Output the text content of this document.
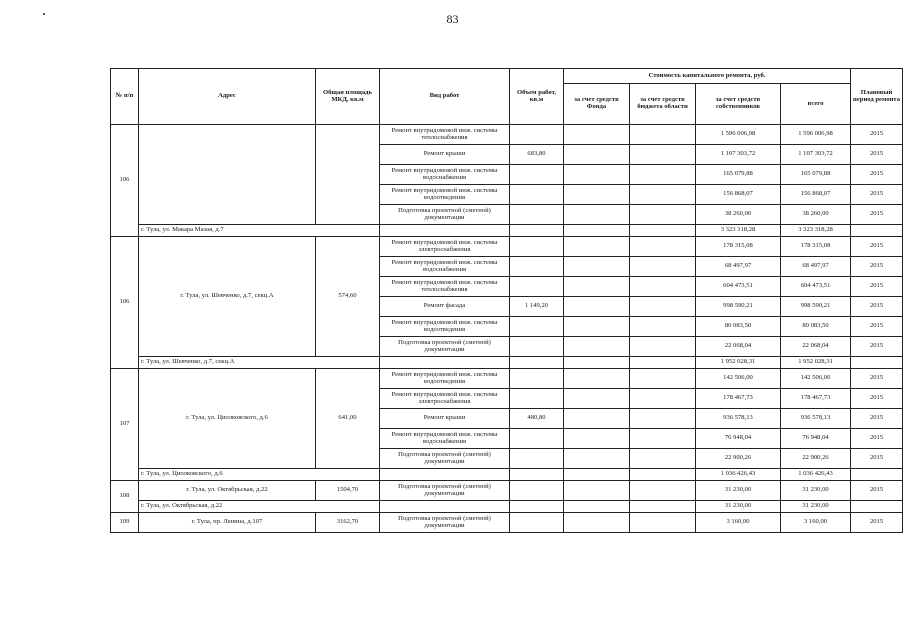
83
№ п/п	Адрес	Общая площадь МКД, кв.м	Вид работ	Объем работ, кв.м	Стоимость капитального ремонта, руб.				Плановый период ремонта
					за счет средств Фонда	за счет средств бюджета области	за счет средств собственников	всего	
106			Ремонт внутридомовой инж. системы теплоснабжения				1 596 006,98	1 596 006,98	2015
			Ремонт крыши	683,80			1 107 303,72	1 107 303,72	2015
			Ремонт внутридомовой инж. системы водоснабжения				165 079,88	165 079,88	2015
			Ремонт внутридомовой инж. системы водоотведения				156 868,07	156 868,07	2015
			Подготовка проектной (сметной) документации				38 260,00	38 260,00	2015
	г. Тула, ул. Макара Мазая, д.7						3 323 318,28	3 323 318,28	
106	г. Тула, ул. Шевченко, д.7, секц.А	574,60	Ремонт внутридомовой инж. системы электроснабжения				178 315,08	178 315,08	2015
			Ремонт внутридомовой инж. системы водоснабжения				68 497,97	68 497,97	2015
			Ремонт внутридомовой инж. системы теплоснабжения				604 473,51	604 473,51	2015
			Ремонт фасада	1 149,20			998 590,21	998 590,21	2015
			Ремонт внутридомовой инж. системы водоотведения				80 083,50	80 083,50	2015
			Подготовка проектной (сметной) документации				22 068,04	22 068,04	2015
	г. Тула, ул. Шевченко, д.7, секц.А						1 952 028,31	1 952 028,31	
107	г. Тула, ул. Циолковского, д.6	641,00	Ремонт внутридомовой инж. системы водоотведения				142 506,00	142 506,00	2015
			Ремонт внутридомовой инж. системы электроснабжения				178 467,73	178 467,73	2015
			Ремонт крыши	480,80			936 578,13	936 578,13	2015
			Ремонт внутридомовой инж. системы водоснабжения				76 948,04	76 948,04	2015
			Подготовка проектной (сметной) документации				22 900,26	22 900,26	2015
	г. Тула, ул. Циолковского, д.6						1 036 426,43	1 036 426,43	
108	г. Тула, ул. Октябрьская, д.22	1504,70	Подготовка проектной (сметной) документации				31 230,00	31 230,00	2015
	г. Тула, ул. Октябрьская, д.22						31 230,00	31 230,00	
109	г. Тула, пр. Ленина, д.107	3162,70	Подготовка проектной (сметной) документации				3 160,00	3 160,00	2015
